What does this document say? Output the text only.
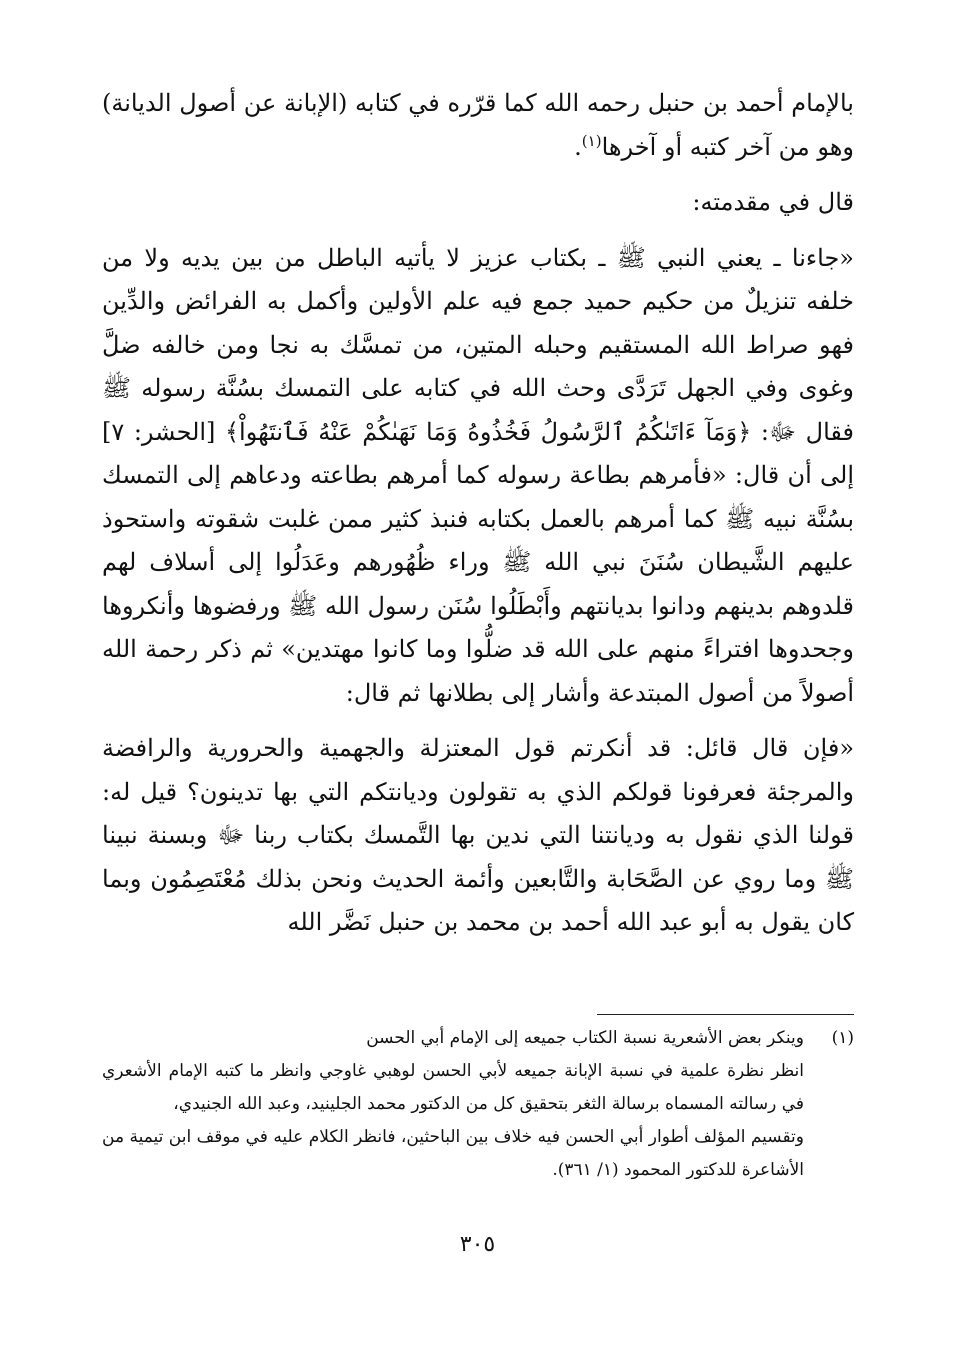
بالإمام أحمد بن حنبل رحمه الله كما قرّره في كتابه (الإبانة عن أصول الديانة) وهو من آخر كتبه أو آخرها$^{(١)}$.

قال في مقدمته:

«جاءنا ـ يعني النبي ﷺ ـ بكتاب عزيز لا يأتيه الباطل من بين يديه ولا من خلفه تنزيلٌ من حكيم حميد جمع فيه علم الأولين وأكمل به الفرائض والدِّين فهو صراط الله المستقيم وحبله المتين، من تمسَّك به نجا ومن خالفه ضلَّ وغوى وفي الجهل تَرَدَّى وحث الله في كتابه على التمسك بسُنَّة رسوله ﷺ فقال ﷻ: ﴿وَمَآ ءَاتَىٰكُمُ ٱلرَّسُولُ فَخُذُوهُ وَمَا نَهَىٰكُمْ عَنْهُ فَٱنتَهُواْ﴾ [الحشر: ٧] إلى أن قال: «فأمرهم بطاعة رسوله كما أمرهم بطاعته ودعاهم إلى التمسك بسُنَّة نبيه ﷺ كما أمرهم بالعمل بكتابه فنبذ كثير ممن غلبت شقوته واستحوذ عليهم الشَّيطان سُنَنَ نبي الله ﷺ وراء ظُهُورهم وعَدَلُوا إلى أسلاف لهم قلدوهم بدينهم ودانوا بديانتهم وأَبْطَلُوا سُنَن رسول الله ﷺ ورفضوها وأنكروها وجحدوها افتراءً منهم على الله قد ضلُّوا وما كانوا مهتدين» ثم ذكر رحمة الله أصولاً من أصول المبتدعة وأشار إلى بطلانها ثم قال:

«فإن قال قائل: قد أنكرتم قول المعتزلة والجهمية والحرورية والرافضة والمرجئة فعرفونا قولكم الذي به تقولون وديانتكم التي بها تدينون؟ قيل له: قولنا الذي نقول به وديانتنا التي ندين بها التَّمسك بكتاب ربنا ﷻ وبسنة نبينا ﷺ وما روي عن الصَّحَابة والتَّابعين وأئمة الحديث ونحن بذلك مُعْتَصِمُون وبما كان يقول به أبو عبد الله أحمد بن محمد بن حنبل نَضَّر الله

(١)
وينكر بعض الأشعرية نسبة الكتاب جميعه إلى الإمام أبي الحسن
انظر نظرة علمية في نسبة الإبانة جميعه لأبي الحسن لوهبي غاوجي وانظر ما كتبه الإمام الأشعري في رسالته المسماه برسالة الثغر بتحقيق كل من الدكتور محمد الجلينيد، وعبد الله الجنيدي،
وتقسيم المؤلف أطوار أبي الحسن فيه خلاف بين الباحثين، فانظر الكلام عليه في موقف ابن تيمية من الأشاعرة للدكتور المحمود (١/ ٣٦١).
٣٠٥
